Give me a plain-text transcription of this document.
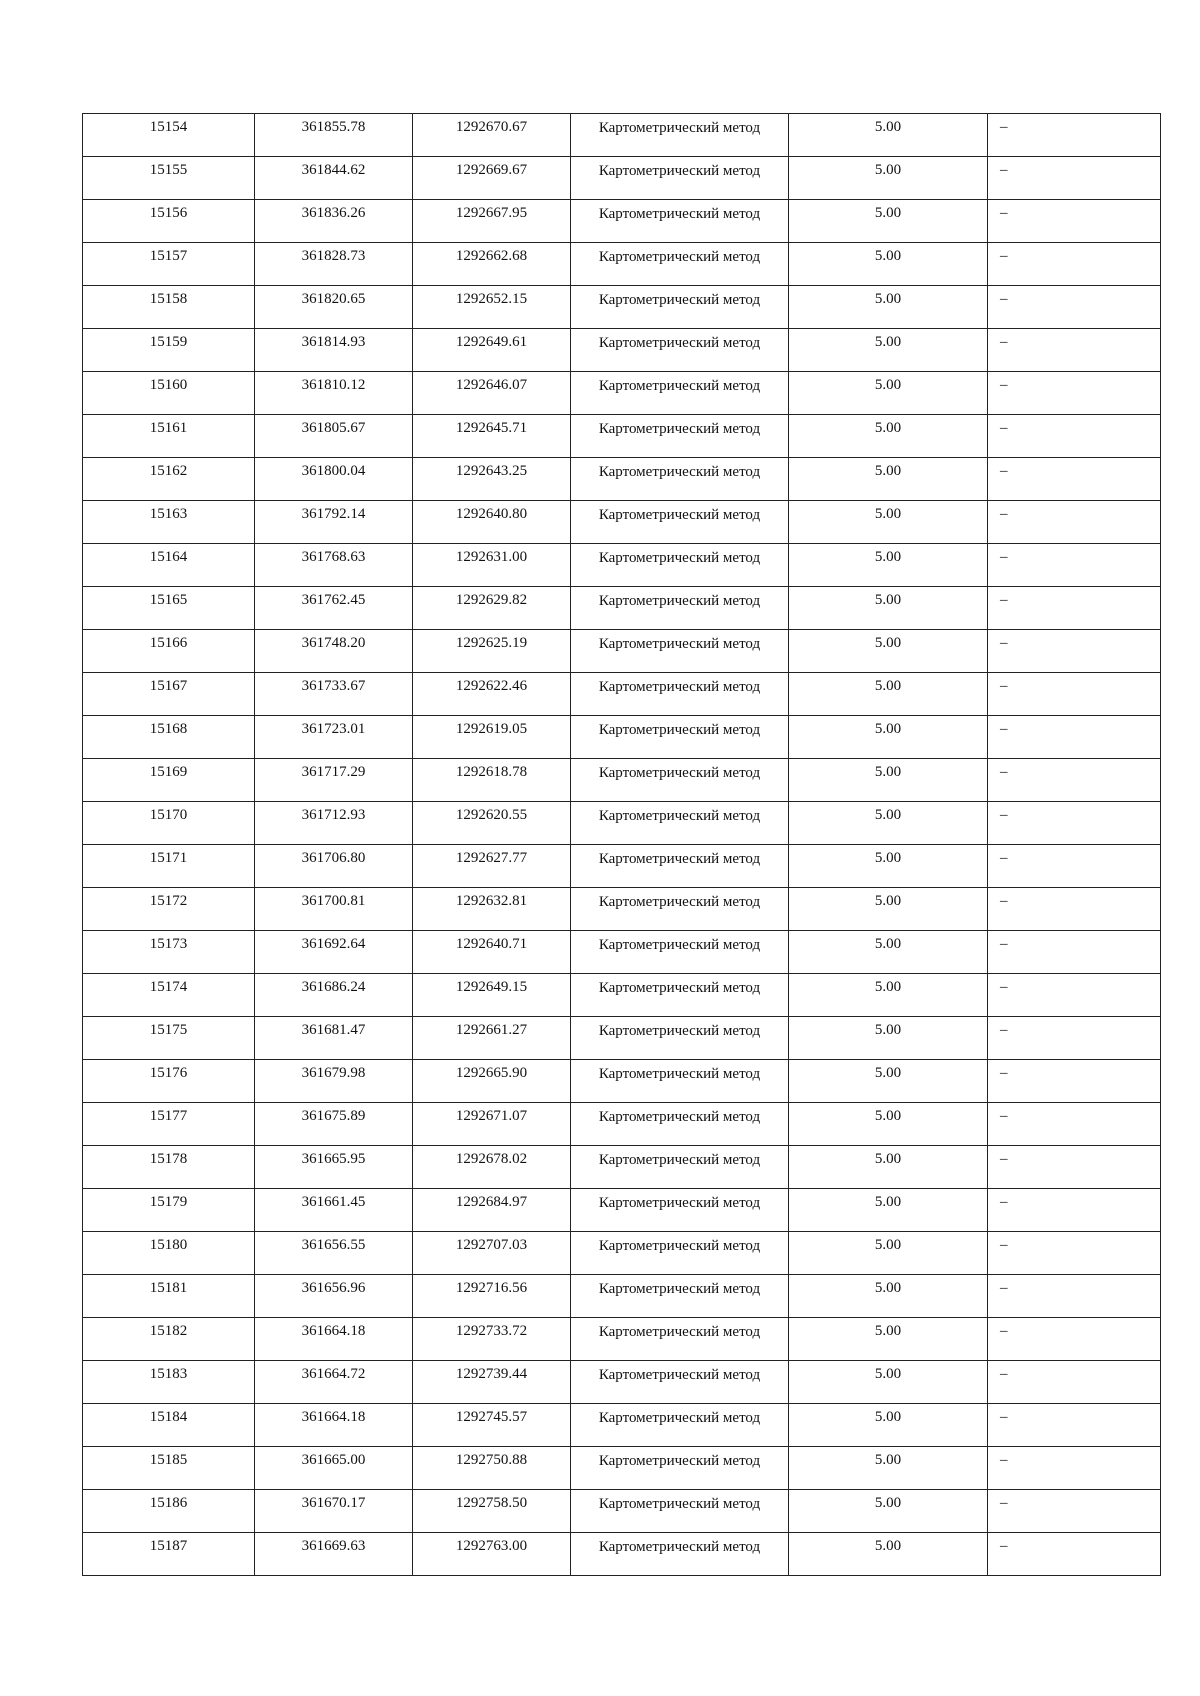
15154	361855.78	1292670.67	Картометрический метод	5.00	–

15155	361844.62	1292669.67	Картометрический метод	5.00	–

15156	361836.26	1292667.95	Картометрический метод	5.00	–

15157	361828.73	1292662.68	Картометрический метод	5.00	–

15158	361820.65	1292652.15	Картометрический метод	5.00	–

15159	361814.93	1292649.61	Картометрический метод	5.00	–

15160	361810.12	1292646.07	Картометрический метод	5.00	–

15161	361805.67	1292645.71	Картометрический метод	5.00	–

15162	361800.04	1292643.25	Картометрический метод	5.00	–

15163	361792.14	1292640.80	Картометрический метод	5.00	–

15164	361768.63	1292631.00	Картометрический метод	5.00	–

15165	361762.45	1292629.82	Картометрический метод	5.00	–

15166	361748.20	1292625.19	Картометрический метод	5.00	–

15167	361733.67	1292622.46	Картометрический метод	5.00	–

15168	361723.01	1292619.05	Картометрический метод	5.00	–

15169	361717.29	1292618.78	Картометрический метод	5.00	–

15170	361712.93	1292620.55	Картометрический метод	5.00	–

15171	361706.80	1292627.77	Картометрический метод	5.00	–

15172	361700.81	1292632.81	Картометрический метод	5.00	–

15173	361692.64	1292640.71	Картометрический метод	5.00	–

15174	361686.24	1292649.15	Картометрический метод	5.00	–

15175	361681.47	1292661.27	Картометрический метод	5.00	–

15176	361679.98	1292665.90	Картометрический метод	5.00	–

15177	361675.89	1292671.07	Картометрический метод	5.00	–

15178	361665.95	1292678.02	Картометрический метод	5.00	–

15179	361661.45	1292684.97	Картометрический метод	5.00	–

15180	361656.55	1292707.03	Картометрический метод	5.00	–

15181	361656.96	1292716.56	Картометрический метод	5.00	–

15182	361664.18	1292733.72	Картометрический метод	5.00	–

15183	361664.72	1292739.44	Картометрический метод	5.00	–

15184	361664.18	1292745.57	Картометрический метод	5.00	–

15185	361665.00	1292750.88	Картометрический метод	5.00	–

15186	361670.17	1292758.50	Картометрический метод	5.00	–

15187	361669.63	1292763.00	Картометрический метод	5.00	–
